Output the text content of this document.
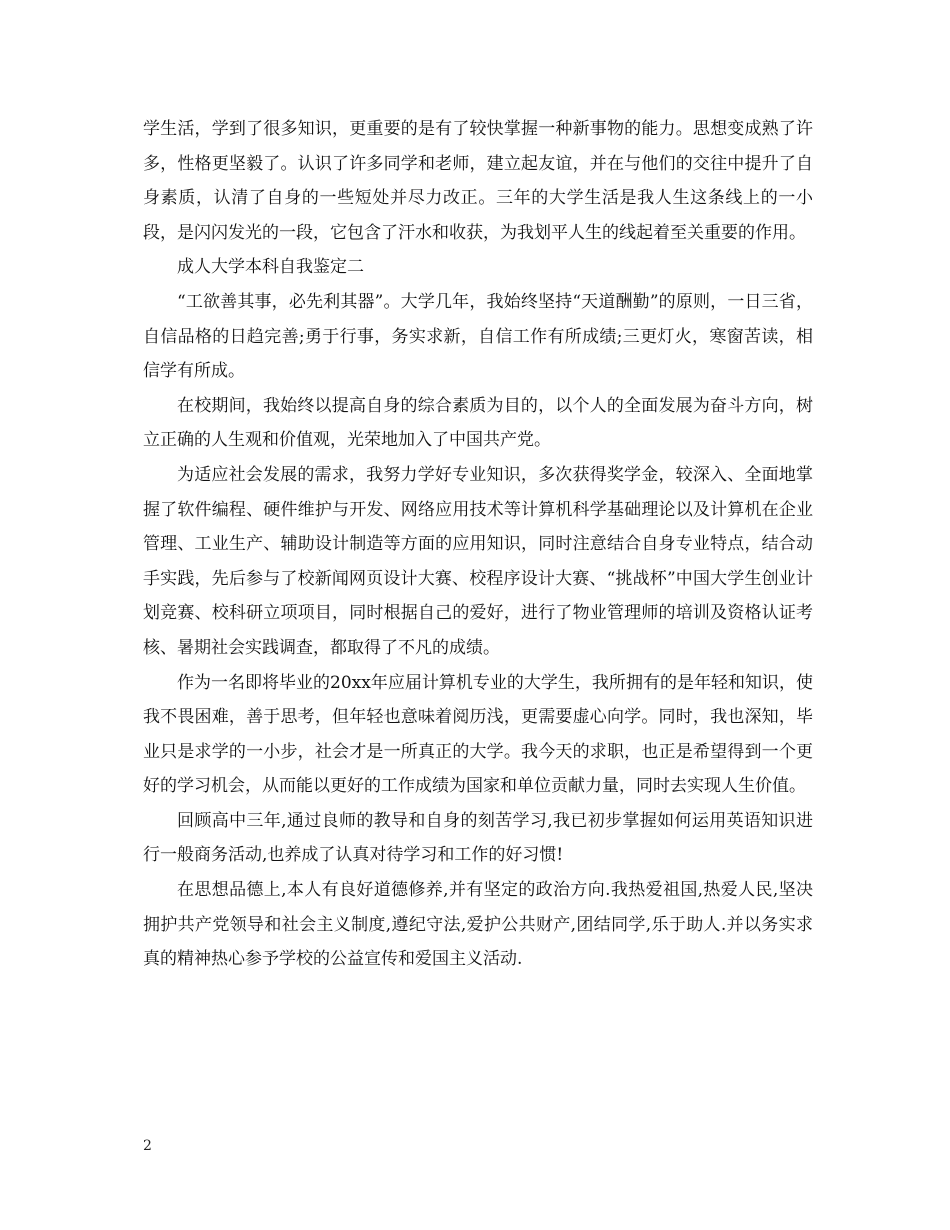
学生活，学到了很多知识，更重要的是有了较快掌握一种新事物的能力。思想变成熟了许多，性格更坚毅了。认识了许多同学和老师，建立起友谊，并在与他们的交往中提升了自身素质，认清了自身的一些短处并尽力改正。三年的大学生活是我人生这条线上的一小段，是闪闪发光的一段，它包含了汗水和收获，为我划平人生的线起着至关重要的作用。

成人大学本科自我鉴定二

“工欲善其事，必先利其器”。大学几年，我始终坚持“天道酬勤”的原则，一日三省，自信品格的日趋完善;勇于行事，务实求新，自信工作有所成绩;三更灯火，寒窗苦读，相信学有所成。

在校期间，我始终以提高自身的综合素质为目的，以个人的全面发展为奋斗方向，树立正确的人生观和价值观，光荣地加入了中国共产党。

为适应社会发展的需求，我努力学好专业知识，多次获得奖学金，较深入、全面地掌握了软件编程、硬件维护与开发、网络应用技术等计算机科学基础理论以及计算机在企业管理、工业生产、辅助设计制造等方面的应用知识，同时注意结合自身专业特点，结合动手实践，先后参与了校新闻网页设计大赛、校程序设计大赛、“挑战杯”中国大学生创业计划竞赛、校科研立项项目，同时根据自己的爱好，进行了物业管理师的培训及资格认证考核、暑期社会实践调查，都取得了不凡的成绩。

作为一名即将毕业的20xx年应届计算机专业的大学生，我所拥有的是年轻和知识，使我不畏困难，善于思考，但年轻也意味着阅历浅，更需要虚心向学。同时，我也深知，毕业只是求学的一小步，社会才是一所真正的大学。我今天的求职，也正是希望得到一个更好的学习机会，从而能以更好的工作成绩为国家和单位贡献力量，同时去实现人生价值。

回顾高中三年,通过良师的教导和自身的刻苦学习,我已初步掌握如何运用英语知识进行一般商务活动,也养成了认真对待学习和工作的好习惯!

在思想品德上,本人有良好道德修养,并有坚定的政治方向.我热爱祖国,热爱人民,坚决拥护共产党领导和社会主义制度,遵纪守法,爱护公共财产,团结同学,乐于助人.并以务实求真的精神热心参予学校的公益宣传和爱国主义活动.

2
